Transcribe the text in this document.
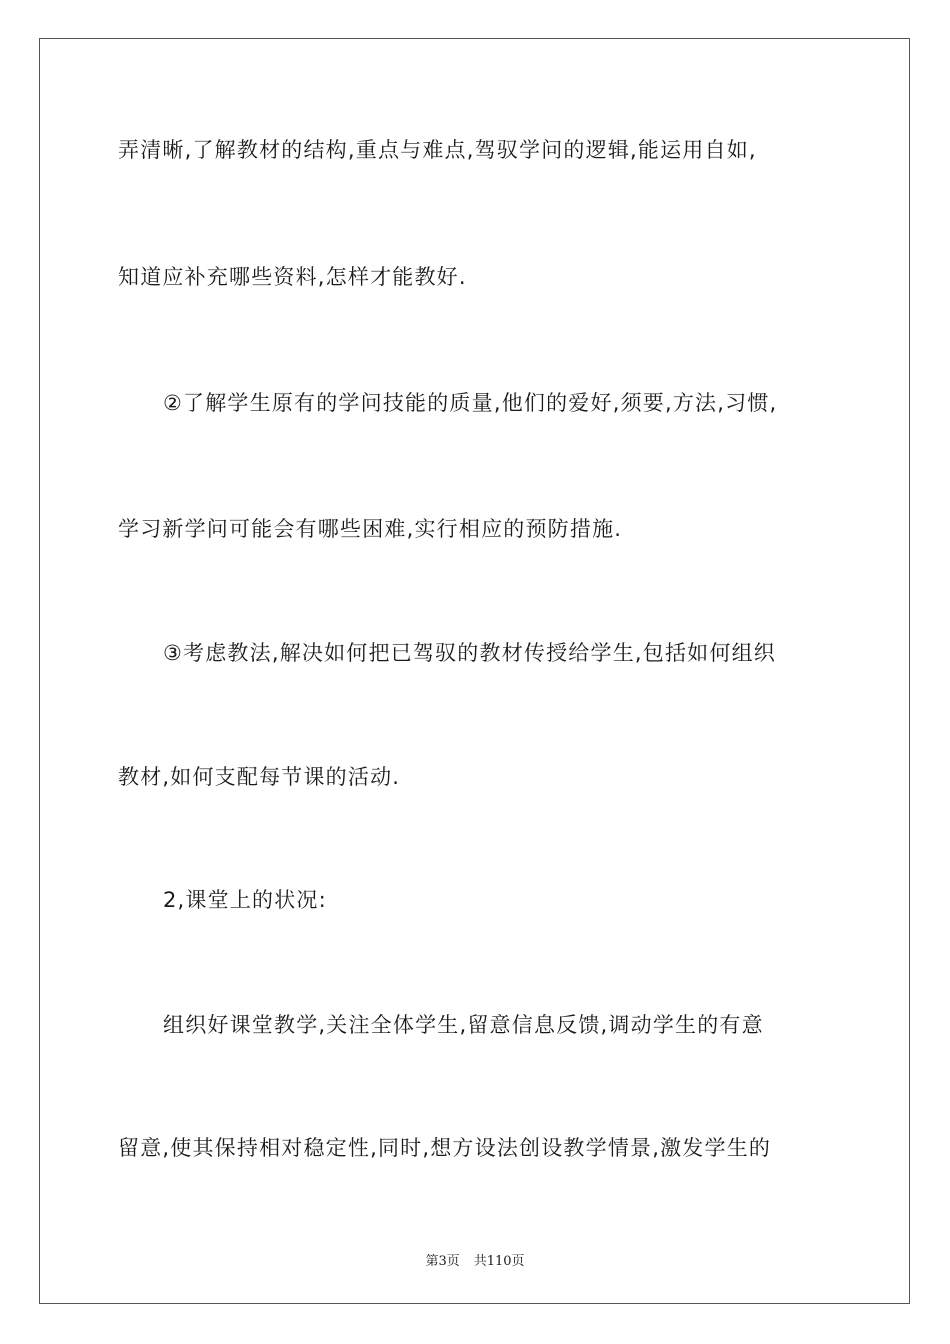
弄清晰,了解教材的结构,重点与难点,驾驭学问的逻辑,能运用自如,
知道应补充哪些资料,怎样才能教好.
②了解学生原有的学问技能的质量,他们的爱好,须要,方法,习惯,
学习新学问可能会有哪些困难,实行相应的预防措施.
③考虑教法,解决如何把已驾驭的教材传授给学生,包括如何组织
教材,如何支配每节课的活动.
2,课堂上的状况:
组织好课堂教学,关注全体学生,留意信息反馈,调动学生的有意
留意,使其保持相对稳定性,同时,想方设法创设教学情景,激发学生的
第3页 共110页
